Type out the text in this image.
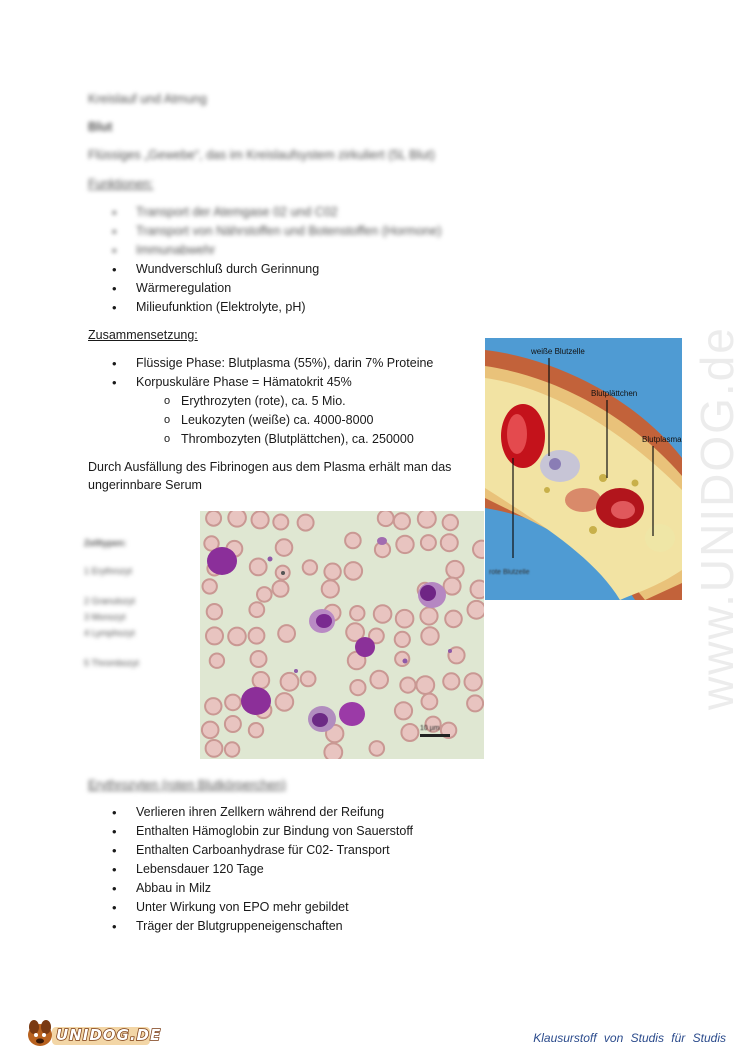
Kreislauf und Atmung
Blut
Flüssiges „Gewebe“, das im Kreislaufsystem zirkuliert (5L Blut)
Funktionen:
• Transport der Atemgase 02 und C02
• Transport von Nährstoffen und Botenstoffen (Hormone)
• Immunabwehr
• Wundverschluß durch Gerinnung
• Wärmeregulation
• Milieufunktion (Elektrolyte, pH)
Zusammensetzung:
• Flüssige Phase: Blutplasma (55%), darin 7% Proteine
• Korpuskuläre Phase = Hämatokrit 45%
o Erythrozyten (rote), ca. 5 Mio.
o Leukozyten (weiße) ca. 4000-8000
o Thrombozyten (Blutplättchen), ca. 250000
Durch Ausfällung des Fibrinogen aus dem Plasma erhält man das
ungerinnbare Serum
weiße Blutzelle
Blutplättchen
Blutplasma
rote Blutzelle
Zelltypen:
1 Erythrozyt
2 Granulozyt
3 Monozyt
4 Lymphozyt
5 Thrombozyt
10 µm
Erythrozyten (roten Blutkörperchen)
• Verlieren ihren Zellkern während der Reifung
• Enthalten Hämoglobin zur Bindung von Sauerstoff
• Enthalten Carboanhydrase für C02- Transport
• Lebensdauer 120 Tage
• Abbau in Milz
• Unter Wirkung von EPO mehr gebildet
• Träger der Blutgruppeneigenschaften
www.UNIDOG.de
UNIDOG.DE	Klausurstoff von Studis für Studis
